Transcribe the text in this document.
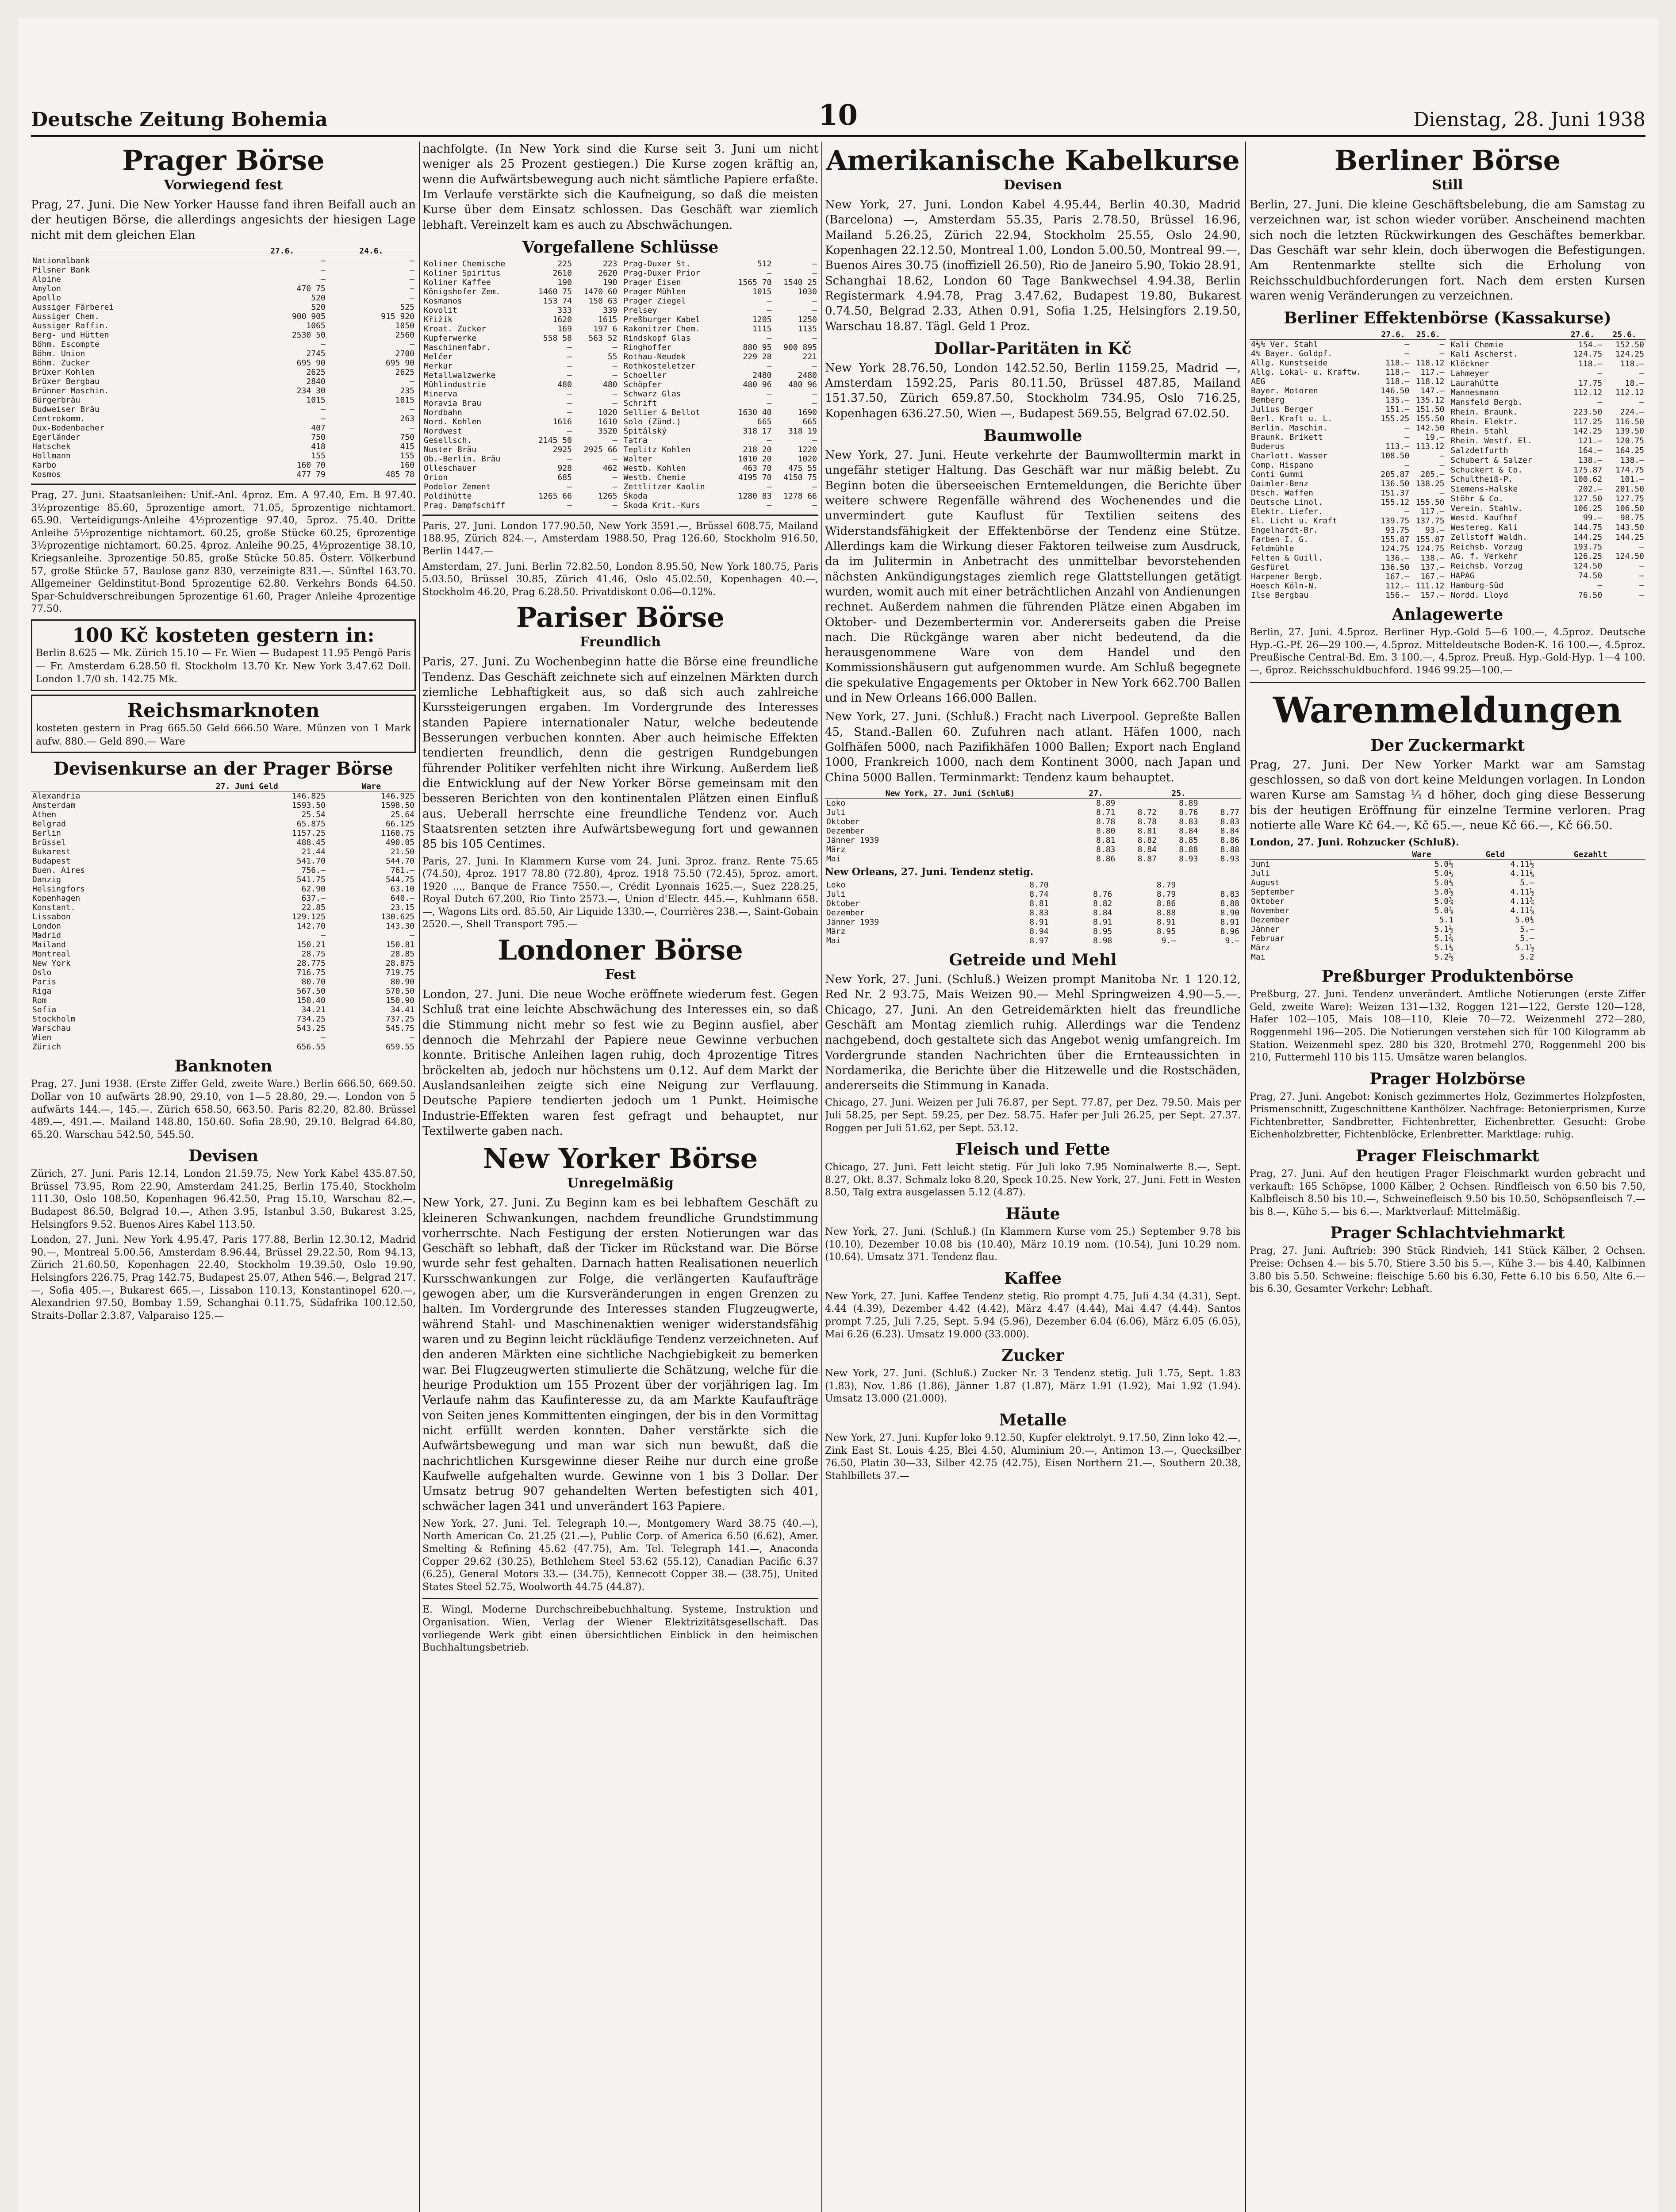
Deutsche Zeitung Bohemia	10	Dienstag, 28. Juni 1938
Prager Börse
Vorwiegend fest

Prag, 27. Juni. Die New Yorker Hausse fand ihren Beifall auch an der heutigen Börse, die allerdings angesichts der hiesigen Lage nicht mit dem gleichen Elan

	27.6.	24.6.
Nationalbank	—	—
Pilsner Bank	—	—
Alpine	—	—
Amylon	470 75	—
Apollo	520	—
Aussiger Färberei	520	525
Aussiger Chem.	900 905	915 920
Aussiger Raffin.	1065	1050
Berg- und Hütten	2530 50	2560
Böhm. Escompte	—	—
Böhm. Union	2745	2700
Böhm. Zucker	695 90	695 90
Brüxer Kohlen	2625	2625
Brüxer Bergbau	2840	—
Brünner Maschin.	234 30	235
Bürgerbräu	1015	1015
Budweiser Bräu	—	—
Centrokomm.	—	263
Dux-Bodenbacher	407	—
Egerländer	750	750
Hatschek	418	415
Hollmann	155	155
Karbo	160 70	160
Kosmos	477 79	485 78

Prag, 27. Juni. Staatsanleihen: Unif.-Anl. 4proz. Em. A 97.40, Em. B 97.40. 3½prozentige 85.60, 5prozentige amort. 71.05, 5prozentige nichtamort. 65.90. Verteidigungs-Anleihe 4½prozentige 97.40, 5proz. 75.40. Dritte Anleihe 5½prozentige nichtamort. 60.25, große Stücke 60.25, 6prozentige 3½prozentige nichtamort. 60.25. 4proz. Anleihe 90.25, 4½prozentige 38.10, Kriegsanleihe. 3prozentige 50.85, große Stücke 50.85. Österr. Völkerbund 57, große Stücke 57, Baulose ganz 830, verzeinigte 831.—. Sünftel 163.70. Allgemeiner Geldinstitut-Bond 5prozentige 62.80. Verkehrs Bonds 64.50. Spar-Schuldverschreibungen 5prozentige 61.60, Prager Anleihe 4prozentige 77.50.

100 Kč kosteten gestern in:
Berlin 8.625 — Mk. Zürich 15.10 — Fr. Wien — Budapest 11.95 Pengö Paris — Fr. Amsterdam 6.28.50 fl. Stockholm 13.70 Kr. New York 3.47.62 Doll. London 1.7/0 sh. 142.75 Mk.
Reichsmarknoten
kosteten gestern in Prag 665.50 Geld 666.50 Ware. Münzen von 1 Mark aufw. 880.— Geld 890.— Ware
Devisenkurse an der Prager Börse
	27. Juni Geld	Ware
Alexandria	146.825	146.925
Amsterdam	1593.50	1598.50
Athen	25.54	25.64
Belgrad	65.875	66.125
Berlin	1157.25	1160.75
Brüssel	488.45	490.05
Bukarest	21.44	21.50
Budapest	541.70	544.70
Buen. Aires	756.—	761.—
Danzig	541.75	544.75
Helsingfors	62.90	63.10
Kopenhagen	637.—	640.—
Konstant.	22.85	23.15
Lissabon	129.125	130.625
London	142.70	143.30
Madrid	—	—
Mailand	150.21	150.81
Montreal	28.75	28.85
New York	28.775	28.875
Oslo	716.75	719.75
Paris	80.70	80.90
Riga	567.50	570.50
Rom	150.40	150.90
Sofia	34.21	34.41
Stockholm	734.25	737.25
Warschau	543.25	545.75
Wien	—	—
Zürich	656.55	659.55
Banknoten

Prag, 27. Juni 1938. (Erste Ziffer Geld, zweite Ware.) Berlin 666.50, 669.50. Dollar von 10 aufwärts 28.90, 29.10, von 1—5 28.80, 29.—. London von 5 aufwärts 144.—, 145.—. Zürich 658.50, 663.50. Paris 82.20, 82.80. Brüssel 489.—, 491.—. Mailand 148.80, 150.60. Sofia 28.90, 29.10. Belgrad 64.80, 65.20. Warschau 542.50, 545.50.

Devisen

Zürich, 27. Juni. Paris 12.14, London 21.59.75, New York Kabel 435.87.50, Brüssel 73.95, Rom 22.90, Amsterdam 241.25, Berlin 175.40, Stockholm 111.30, Oslo 108.50, Kopenhagen 96.42.50, Prag 15.10, Warschau 82.—, Budapest 86.50, Belgrad 10.—, Athen 3.95, Istanbul 3.50, Bukarest 3.25, Helsingfors 9.52. Buenos Aires Kabel 113.50.

London, 27. Juni. New York 4.95.47, Paris 177.88, Berlin 12.30.12, Madrid 90.—, Montreal 5.00.56, Amsterdam 8.96.44, Brüssel 29.22.50, Rom 94.13, Zürich 21.60.50, Kopenhagen 22.40, Stockholm 19.39.50, Oslo 19.90, Helsingfors 226.75, Prag 142.75, Budapest 25.07, Athen 546.—, Belgrad 217.—, Sofia 405.—, Bukarest 665.—, Lissabon 110.13, Konstantinopel 620.—, Alexandrien 97.50, Bombay 1.59, Schanghai 0.11.75, Südafrika 100.12.50, Straits-Dollar 2.3.87, Valparaiso 125.—

nachfolgte. (In New York sind die Kurse seit 3. Juni um nicht weniger als 25 Prozent gestiegen.) Die Kurse zogen kräftig an, wenn die Aufwärtsbewegung auch nicht sämtliche Papiere erfaßte. Im Verlaufe verstärkte sich die Kaufneigung, so daß die meisten Kurse über dem Einsatz schlossen. Das Geschäft war ziemlich lebhaft. Vereinzelt kam es auch zu Abschwächungen.

Vorgefallene Schlüsse
Koliner Chemische	225	223
Koliner Spiritus	2610	2620
Koliner Kaffee	190	190
Königshofer Zem.	1460 75	1470 60
Kosmanos	153 74	150 63
Kovolit	333	339
Křižík	1620	1615
Kroat. Zucker	169	197 6
Kupferwerke	558 58	563 52
Maschinenfabr.	—	—
Melčer	—	55
Merkur	—	—
Metallwalzwerke	—	—
Mühlindustrie	480	480
Minerva	—	—
Moravia Brau	—	—
Nordbahn	—	1020
Nord. Kohlen	1616	1610
Nordwest	—	3520
Gesellsch.	2145 50	—
Nuster Bräu	2925	2925 66
Ob.-Berlin. Bräu	—	—
Olleschauer	928	462
Orion	685	—
Podolor Zement	—	—
Poldihütte	1265 66	1265
Prag. Dampfschiff	—	—
Prag-Duxer St.	512	—
Prag-Duxer Prior	—	—
Prager Eisen	1565 70	1540 25
Prager Mühlen	1015	1030
Prager Ziegel	—	—
Prelsey	—	—
Preßburger Kabel	1205	1250
Rakonitzer Chem.	1115	1135
Rindskopf Glas	—	—
Ringhoffer	880 95	900 895
Rothau-Neudek	229 28	221
Rothkosteletzer	—	—
Schoeller	2480	2480
Schöpfer	480 96	480 96
Schwarz Glas	—	—
Schrift	—	—
Sellier & Bellot	1630 40	1690
Solo (Zünd.)	665	665
Špitálský	318 17	318 19
Tatra	—	—
Teplitz Kohlen	218 20	1220
Walter	1010 20	1020
Westb. Kohlen	463 70	475 55
Westb. Chemie	4195 70	4150 75
Zettlitzer Kaolin	—	—
Škoda	1280 83	1278 66
Škoda Krit.-Kurs	—	—

Paris, 27. Juni. London 177.90.50, New York 3591.—, Brüssel 608.75, Mailand 188.95, Zürich 824.—, Amsterdam 1988.50, Prag 126.60, Stockholm 916.50, Berlin 1447.—

Amsterdam, 27. Juni. Berlin 72.82.50, London 8.95.50, New York 180.75, Paris 5.03.50, Brüssel 30.85, Zürich 41.46, Oslo 45.02.50, Kopenhagen 40.—, Stockholm 46.20, Prag 6.28.50. Privatdiskont 0.06—0.12%.

Pariser Börse
Freundlich

Paris, 27. Juni. Zu Wochenbeginn hatte die Börse eine freundliche Tendenz. Das Geschäft zeichnete sich auf einzelnen Märkten durch ziemliche Lebhaftigkeit aus, so daß sich auch zahlreiche Kurssteigerungen ergaben. Im Vordergrunde des Interesses standen Papiere internationaler Natur, welche bedeutende Besserungen verbuchen konnten. Aber auch heimische Effekten tendierten freundlich, denn die gestrigen Rundgebungen führender Politiker verfehlten nicht ihre Wirkung. Außerdem ließ die Entwicklung auf der New Yorker Börse gemeinsam mit den besseren Berichten von den kontinentalen Plätzen einen Einfluß aus. Ueberall herrschte eine freundliche Tendenz vor. Auch Staatsrenten setzten ihre Aufwärtsbewegung fort und gewannen 85 bis 105 Centimes.

Paris, 27. Juni. In Klammern Kurse vom 24. Juni. 3proz. franz. Rente 75.65 (74.50), 4proz. 1917 78.80 (72.80), 4proz. 1918 75.50 (72.45), 5proz. amort. 1920 ..., Banque de France 7550.—, Crédit Lyonnais 1625.—, Suez 228.25, Royal Dutch 67.200, Rio Tinto 2573.—, Union d'Electr. 445.—, Kuhlmann 658.—, Wagons Lits ord. 85.50, Air Liquide 1330.—, Courrières 238.—, Saint-Gobain 2520.—, Shell Transport 795.—

Londoner Börse
Fest

London, 27. Juni. Die neue Woche eröffnete wiederum fest. Gegen Schluß trat eine leichte Abschwächung des Interesses ein, so daß die Stimmung nicht mehr so fest wie zu Beginn ausfiel, aber dennoch die Mehrzahl der Papiere neue Gewinne verbuchen konnte. Britische Anleihen lagen ruhig, doch 4prozentige Titres bröckelten ab, jedoch nur höchstens um 0.12. Auf dem Markt der Auslandsanleihen zeigte sich eine Neigung zur Verflauung. Deutsche Papiere tendierten jedoch um 1 Punkt. Heimische Industrie-Effekten waren fest gefragt und behauptet, nur Textilwerte gaben nach.

New Yorker Börse
Unregelmäßig

New York, 27. Juni. Zu Beginn kam es bei lebhaftem Geschäft zu kleineren Schwankungen, nachdem freundliche Grundstimmung vorherrschte. Nach Festigung der ersten Notierungen war das Geschäft so lebhaft, daß der Ticker im Rückstand war. Die Börse wurde sehr fest gehalten. Darnach hatten Realisationen neuerlich Kursschwankungen zur Folge, die verlängerten Kaufaufträge gewogen aber, um die Kursveränderungen in engen Grenzen zu halten. Im Vordergrunde des Interesses standen Flugzeugwerte, während Stahl- und Maschinenaktien weniger widerstandsfähig waren und zu Beginn leicht rückläufige Tendenz verzeichneten. Auf den anderen Märkten eine sichtliche Nachgiebigkeit zu bemerken war. Bei Flugzeugwerten stimulierte die Schätzung, welche für die heurige Produktion um 155 Prozent über der vorjährigen lag. Im Verlaufe nahm das Kaufinteresse zu, da am Markte Kaufaufträge von Seiten jenes Kommittenten eingingen, der bis in den Vormittag nicht erfüllt werden konnten. Daher verstärkte sich die Aufwärtsbewegung und man war sich nun bewußt, daß die nachrichtlichen Kursgewinne dieser Reihe nur durch eine große Kaufwelle aufgehalten wurde. Gewinne von 1 bis 3 Dollar. Der Umsatz betrug 907 gehandelten Werten befestigten sich 401, schwächer lagen 341 und unverändert 163 Papiere.

New York, 27. Juni. Tel. Telegraph 10.—, Montgomery Ward 38.75 (40.—), North American Co. 21.25 (21.—), Public Corp. of America 6.50 (6.62), Amer. Smelting & Refining 45.62 (47.75), Am. Tel. Telegraph 141.—, Anaconda Copper 29.62 (30.25), Bethlehem Steel 53.62 (55.12), Canadian Pacific 6.37 (6.25), General Motors 33.— (34.75), Kennecott Copper 38.— (38.75), United States Steel 52.75, Woolworth 44.75 (44.87).

E. Wingl, Moderne Durchschreibebuchhaltung. Systeme, Instruktion und Organisation. Wien, Verlag der Wiener Elektrizitätsgesellschaft. Das vorliegende Werk gibt einen übersichtlichen Einblick in den heimischen Buchhaltungsbetrieb.

Amerikanische Kabelkurse
Devisen

New York, 27. Juni. London Kabel 4.95.44, Berlin 40.30, Madrid (Barcelona) —, Amsterdam 55.35, Paris 2.78.50, Brüssel 16.96, Mailand 5.26.25, Zürich 22.94, Stockholm 25.55, Oslo 24.90, Kopenhagen 22.12.50, Montreal 1.00, London 5.00.50, Montreal 99.—, Buenos Aires 30.75 (inoffiziell 26.50), Rio de Janeiro 5.90, Tokio 28.91, Schanghai 18.62, London 60 Tage Bankwechsel 4.94.38, Berlin Registermark 4.94.78, Prag 3.47.62, Budapest 19.80, Bukarest 0.74.50, Belgrad 2.33, Athen 0.91, Sofia 1.25, Helsingfors 2.19.50, Warschau 18.87. Tägl. Geld 1 Proz.

Dollar-Paritäten in Kč

New York 28.76.50, London 142.52.50, Berlin 1159.25, Madrid —, Amsterdam 1592.25, Paris 80.11.50, Brüssel 487.85, Mailand 151.37.50, Zürich 659.87.50, Stockholm 734.95, Oslo 716.25, Kopenhagen 636.27.50, Wien —, Budapest 569.55, Belgrad 67.02.50.

Baumwolle

New York, 27. Juni. Heute verkehrte der Baumwolltermin markt in ungefähr stetiger Haltung. Das Geschäft war nur mäßig belebt. Zu Beginn boten die überseeischen Erntemeldungen, die Berichte über weitere schwere Regenfälle während des Wochenendes und die unvermindert gute Kauflust für Textilien seitens des Widerstandsfähigkeit der Effektenbörse der Tendenz eine Stütze. Allerdings kam die Wirkung dieser Faktoren teilweise zum Ausdruck, da im Julitermin in Anbetracht des unmittelbar bevorstehenden nächsten Ankündigungstages ziemlich rege Glattstellungen getätigt wurden, womit auch mit einer beträchtlichen Anzahl von Andienungen rechnet. Außerdem nahmen die führenden Plätze einen Abgaben im Oktober- und Dezembertermin vor. Andererseits gaben die Preise nach. Die Rückgänge waren aber nicht bedeutend, da die herausgenommene Ware von dem Handel und den Kommissionshäusern gut aufgenommen wurde. Am Schluß begegnete die spekulative Engagements per Oktober in New York 662.700 Ballen und in New Orleans 166.000 Ballen.

New York, 27. Juni. (Schluß.) Fracht nach Liverpool. Gepreßte Ballen 45, Stand.-Ballen 60. Zufuhren nach atlant. Häfen 1000, nach Golfhäfen 5000, nach Pazifikhäfen 1000 Ballen; Export nach England 1000, Frankreich 1000, nach dem Kontinent 3000, nach Japan und China 5000 Ballen. Terminmarkt: Tendenz kaum behauptet.

New York, 27. Juni (Schluß)	27.		25.	
Loko	8.89		8.89	
Juli	8.71	8.72	8.76	8.77
Oktober	8.78	8.78	8.83	8.83
Dezember	8.80	8.81	8.84	8.84
Jänner 1939	8.81	8.82	8.85	8.86
März	8.83	8.84	8.88	8.88
Mai	8.86	8.87	8.93	8.93
New Orleans, 27. Juni. Tendenz stetig.
Loko	8.70		8.79	
Juli	8.74	8.76	8.79	8.83
Oktober	8.81	8.82	8.86	8.88
Dezember	8.83	8.84	8.88	8.90
Jänner 1939	8.91	8.91	8.91	8.91
März	8.94	8.95	8.95	8.96
Mai	8.97	8.98	9.—	9.—
Getreide und Mehl

New York, 27. Juni. (Schluß.) Weizen prompt Manitoba Nr. 1 120.12, Red Nr. 2 93.75, Mais Weizen 90.— Mehl Springweizen 4.90—5.—. Chicago, 27. Juni. An den Getreidemärkten hielt das freundliche Geschäft am Montag ziemlich ruhig. Allerdings war die Tendenz nachgebend, doch gestaltete sich das Angebot wenig umfangreich. Im Vordergrunde standen Nachrichten über die Ernteaussichten in Nordamerika, die Berichte über die Hitzewelle und die Rostschäden, andererseits die Stimmung in Kanada.

Chicago, 27. Juni. Weizen per Juli 76.87, per Sept. 77.87, per Dez. 79.50. Mais per Juli 58.25, per Sept. 59.25, per Dez. 58.75. Hafer per Juli 26.25, per Sept. 27.37. Roggen per Juli 51.62, per Sept. 53.12.

Fleisch und Fette

Chicago, 27. Juni. Fett leicht stetig. Für Juli loko 7.95 Nominalwerte 8.—, Sept. 8.27, Okt. 8.37. Schmalz loko 8.20, Speck 10.25. New York, 27. Juni. Fett in Westen 8.50, Talg extra ausgelassen 5.12 (4.87).

Häute

New York, 27. Juni. (Schluß.) (In Klammern Kurse vom 25.) September 9.78 bis (10.10), Dezember 10.08 bis (10.40), März 10.19 nom. (10.54), Juni 10.29 nom. (10.64). Umsatz 371. Tendenz flau.

Kaffee

New York, 27. Juni. Kaffee Tendenz stetig. Rio prompt 4.75, Juli 4.34 (4.31), Sept. 4.44 (4.39), Dezember 4.42 (4.42), März 4.47 (4.44), Mai 4.47 (4.44). Santos prompt 7.25, Juli 7.25, Sept. 5.94 (5.96), Dezember 6.04 (6.06), März 6.05 (6.05), Mai 6.26 (6.23). Umsatz 19.000 (33.000).

Zucker

New York, 27. Juni. (Schluß.) Zucker Nr. 3 Tendenz stetig. Juli 1.75, Sept. 1.83 (1.83), Nov. 1.86 (1.86), Jänner 1.87 (1.87), März 1.91 (1.92), Mai 1.92 (1.94). Umsatz 13.000 (21.000).

Metalle

New York, 27. Juni. Kupfer loko 9.12.50, Kupfer elektrolyt. 9.17.50, Zinn loko 42.—, Zink East St. Louis 4.25, Blei 4.50, Aluminium 20.—, Antimon 13.—, Quecksilber 76.50, Platin 30—33, Silber 42.75 (42.75), Eisen Northern 21.—, Southern 20.38, Stahlbillets 37.—

Berliner Börse
Still

Berlin, 27. Juni. Die kleine Geschäftsbelebung, die am Samstag zu verzeichnen war, ist schon wieder vorüber. Anscheinend machten sich noch die letzten Rückwirkungen des Geschäftes bemerkbar. Das Geschäft war sehr klein, doch überwogen die Befestigungen. Am Rentenmarkte stellte sich die Erholung von Reichsschuldbuchforderungen fort. Nach dem ersten Kursen waren wenig Veränderungen zu verzeichnen.

Berliner Effektenbörse (Kassakurse)
	27.6.	25.6.
4½% Ver. Stahl	—	—
4% Bayer. Goldpf.	—	—
Allg. Kunstseide	118.—	118.12
Allg. Lokal- u. Kraftw.	118.—	117.—
AEG	118.—	118.12
Bayer. Motoren	146.50	147.—
Bemberg	135.—	135.12
Julius Berger	151.—	151.50
Berl. Kraft u. L.	155.25	155.50
Berlin. Maschin.	—	142.50
Braunk. Brikett	—	19.—
Buderus	113.—	113.12
Charlott. Wasser	108.50	—
Comp. Hispano	—	—
Conti Gummi	205.87	205.—
Daimler-Benz	136.50	138.25
Dtsch. Waffen	151.37	—
Deutsche Linol.	155.12	155.50
Elektr. Liefer.	—	117.—
El. Licht u. Kraft	139.75	137.75
Engelhardt-Br.	93.75	93.—
Farben I. G.	155.87	155.87
Feldmühle	124.75	124.75
Felten & Guill.	136.—	138.—
Gesfürel	136.50	137.—
Harpener Bergb.	167.—	167.—
Hoesch Köln-N.	112.—	111.12
Ilse Bergbau	156.—	157.—
	27.6.	25.6.
Kali Chemie	154.—	152.50
Kali Ascherst.	124.75	124.25
Klöckner	118.—	118.—
Lahmeyer	—	—
Laurahütte	17.75	18.—
Mannesmann	112.12	112.12
Mansfeld Bergb.	—	—
Rhein. Braunk.	223.50	224.—
Rhein. Elektr.	117.25	116.50
Rhein. Stahl	142.25	139.50
Rhein. Westf. El.	121.—	120.75
Salzdetfurth	164.—	164.25
Schubert & Salzer	138.—	138.—
Schuckert & Co.	175.87	174.75
Schultheiß-P.	100.62	101.—
Siemens-Halske	202.—	201.50
Stöhr & Co.	127.50	127.75
Verein. Stahlw.	106.25	106.50
Westd. Kaufhof	99.—	98.75
Westereg. Kali	144.75	143.50
Zellstoff Waldh.	144.25	144.25
Reichsb. Vorzug	193.75	—
AG. f. Verkehr	126.25	124.50
Reichsb. Vorzug	124.50	—
HAPAG	74.50	—
Hamburg-Süd	—	—
Nordd. Lloyd	76.50	—
Anlagewerte

Berlin, 27. Juni. 4.5proz. Berliner Hyp.-Gold 5—6 100.—, 4.5proz. Deutsche Hyp.-G.-Pf. 26—29 100.—, 4.5proz. Mitteldeutsche Boden-K. 16 100.—, 4.5proz. Preußische Central-Bd. Em. 3 100.—, 4.5proz. Preuß. Hyp.-Gold-Hyp. 1—4 100.—, 6proz. Reichsschuldbuchford. 1946 99.25—100.—

Warenmeldungen
Der Zuckermarkt

Prag, 27. Juni. Der New Yorker Markt war am Samstag geschlossen, so daß von dort keine Meldungen vorlagen. In London waren Kurse am Samstag ¼ d höher, doch ging diese Besserung bis der heutigen Eröffnung für einzelne Termine verloren. Prag notierte alle Ware Kč 64.—, Kč 65.—, neue Kč 66.—, Kč 66.50.

London, 27. Juni. Rohzucker (Schluß).
	Ware	Geld	Gezahlt
Juni	5.0⅛	4.11½	
Juli	5.0½	4.11⅛	
August	5.0¾	5.—	
September	5.0½	4.11½	
Oktober	5.0¾	4.11¾	
November	5.0⅞	4.11⅞	
Dezember	5.1	5.0¾	
Jänner	5.1½	5.—	
Februar	5.1¾	5.—	
März	5.1¾	5.1½	
Mai	5.2½	5.2	
Preßburger Produktenbörse

Preßburg, 27. Juni. Tendenz unverändert. Amtliche Notierungen (erste Ziffer Geld, zweite Ware): Weizen 131—132, Roggen 121—122, Gerste 120—128, Hafer 102—105, Mais 108—110, Kleie 70—72. Weizenmehl 272—280, Roggenmehl 196—205. Die Notierungen verstehen sich für 100 Kilogramm ab Station. Weizenmehl spez. 280 bis 320, Brotmehl 270, Roggenmehl 200 bis 210, Futtermehl 110 bis 115. Umsätze waren belanglos.

Prager Holzbörse

Prag, 27. Juni. Angebot: Konisch gezimmertes Holz, Gezimmertes Holzpfosten, Prismenschnitt, Zugeschnittene Kanthölzer. Nachfrage: Betonierprismen, Kurze Fichtenbretter, Sandbretter, Fichtenbretter, Eichenbretter. Gesucht: Grobe Eichenholzbretter, Fichtenblöcke, Erlenbretter. Marktlage: ruhig.

Prager Fleischmarkt

Prag, 27. Juni. Auf den heutigen Prager Fleischmarkt wurden gebracht und verkauft: 165 Schöpse, 1000 Kälber, 2 Ochsen. Rindfleisch von 6.50 bis 7.50, Kalbfleisch 8.50 bis 10.—, Schweinefleisch 9.50 bis 10.50, Schöpsenfleisch 7.— bis 8.—, Kühe 5.— bis 6.—. Marktverlauf: Mittelmäßig.

Prager Schlachtviehmarkt

Prag, 27. Juni. Auftrieb: 390 Stück Rindvieh, 141 Stück Kälber, 2 Ochsen. Preise: Ochsen 4.— bis 5.70, Stiere 3.50 bis 5.—, Kühe 3.— bis 4.40, Kalbinnen 3.80 bis 5.50. Schweine: fleischige 5.60 bis 6.30, Fette 6.10 bis 6.50, Alte 6.— bis 6.30, Gesamter Verkehr: Lebhaft.
